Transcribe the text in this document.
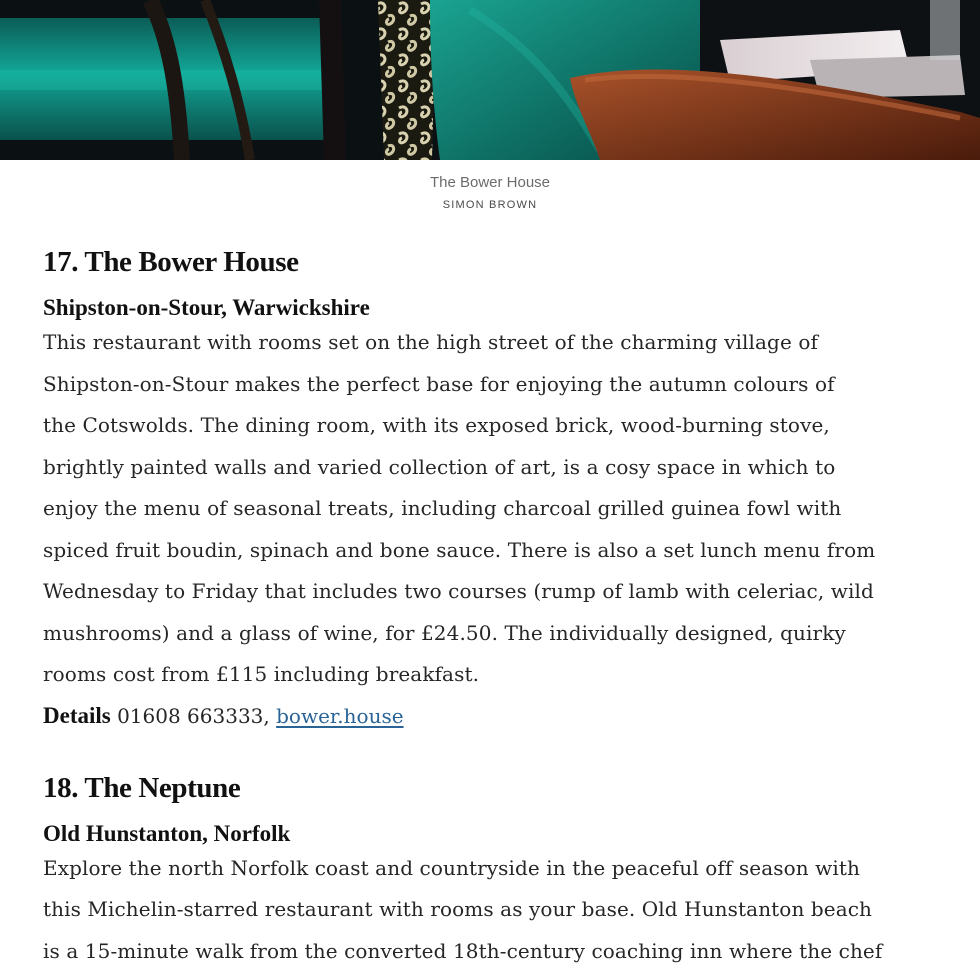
The Bower House
SIMON BROWN
17. The Bower House
Shipston-on-Stour, Warwickshire

This restaurant with rooms set on the high street of the charming village of
Shipston-on-Stour makes the perfect base for enjoying the autumn colours of
the Cotswolds. The dining room, with its exposed brick, wood-burning stove,
brightly painted walls and varied collection of art, is a cosy space in which to
enjoy the menu of seasonal treats, including charcoal grilled guinea fowl with
spiced fruit boudin, spinach and bone sauce. There is also a set lunch menu from
Wednesday to Friday that includes two courses (rump of lamb with celeriac, wild
mushrooms) and a glass of wine, for £24.50. The individually designed, quirky
rooms cost from £115 including breakfast.

Details 01608 663333, bower.house

18. The Neptune
Old Hunstanton, Norfolk

Explore the north Norfolk coast and countryside in the peaceful off season with
this Michelin-starred restaurant with rooms as your base. Old Hunstanton beach
is a 15-minute walk from the converted 18th-century coaching inn where the chef
